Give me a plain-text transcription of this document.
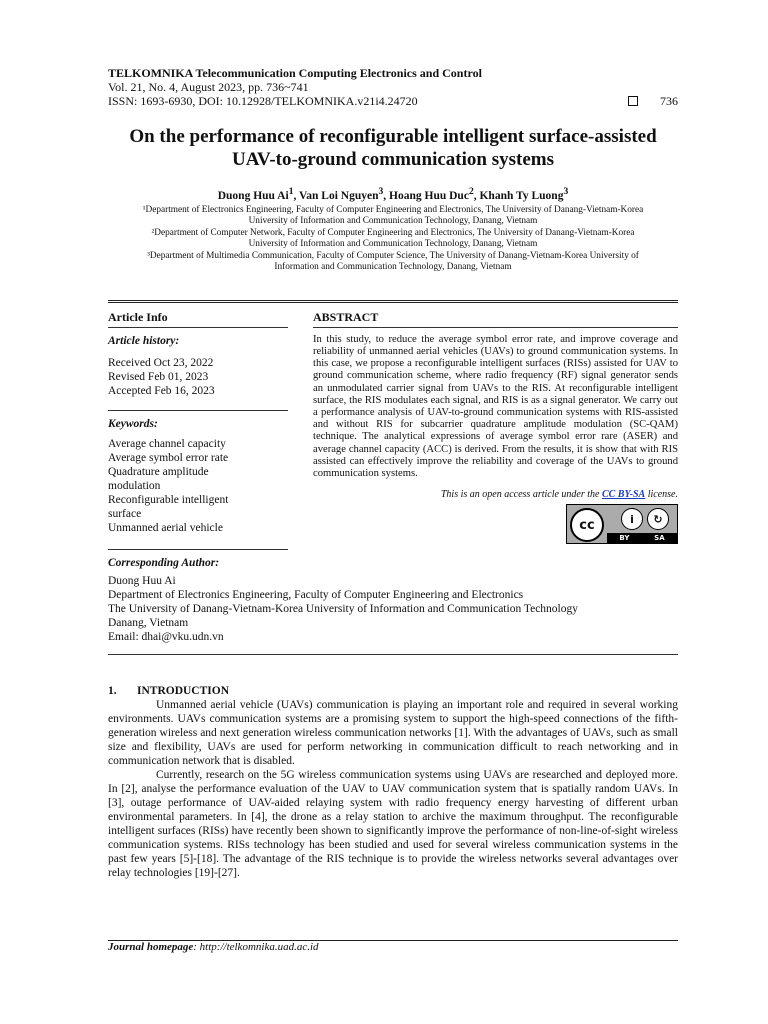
TELKOMNIKA Telecommunication Computing Electronics and Control
Vol. 21, No. 4, August 2023, pp. 736~741
ISSN: 1693-6930, DOI: 10.12928/TELKOMNIKA.v21i4.24720	736
On the performance of reconfigurable intelligent surface-assisted
UAV-to-ground communication systems
Duong Huu Ai$^1$, Van Loi Nguyen$^3$, Hoang Huu Duc$^2$, Khanh Ty Luong$^3$
¹Department of Electronics Engineering, Faculty of Computer Engineering and Electronics, The University of Danang-Vietnam-Korea
University of Information and Communication Technology, Danang, Vietnam
²Department of Computer Network, Faculty of Computer Engineering and Electronics, The University of Danang-Vietnam-Korea
University of Information and Communication Technology, Danang, Vietnam
³Department of Multimedia Communication, Faculty of Computer Science, The University of Danang-Vietnam-Korea University of
Information and Communication Technology, Danang, Vietnam
Article Info
Article history:
Received Oct 23, 2022
Revised Feb 01, 2023
Accepted Feb 16, 2023
Keywords:
Average channel capacity
Average symbol error rate
Quadrature amplitude
modulation
Reconfigurable intelligent
surface
Unmanned aerial vehicle
ABSTRACT
In this study, to reduce the average symbol error rate, and improve coverage and reliability of unmanned aerial vehicles (UAVs) to ground communication systems. In this case, we propose a reconfigurable intelligent surfaces (RISs) assisted for UAV to ground communication scheme, where radio frequency (RF) signal generator sends an unmodulated carrier signal from UAVs to the RIS. At reconfigurable intelligent surface, the RIS modulates each signal, and RIS is as a signal generator. We carry out a performance analysis of UAV-to-ground communication systems with RIS-assisted and without RIS for subcarrier quadrature amplitude modulation (SC-QAM) technique. The analytical expressions of average symbol error rare (ASER) and average channel capacity (ACC) is derived. From the results, it is show that with RIS assisted can effectively improve the reliability and coverage of the UAVs to ground communication systems.
This is an open access article under the CC BY-SA license.
cc	i	↻
BY	SA
Corresponding Author:
Duong Huu Ai
Department of Electronics Engineering, Faculty of Computer Engineering and Electronics
The University of Danang-Vietnam-Korea University of Information and Communication Technology
Danang, Vietnam
Email: dhai@vku.udn.vn
1. INTRODUCTION
Unmanned aerial vehicle (UAVs) communication is playing an important role and required in several working environments. UAVs communication systems are a promising system to support the high-speed connections of the fifth-generation wireless and next generation wireless communication networks [1]. With the advantages of UAVs, such as small size and flexibility, UAVs are used for perform networking in communication difficult to reach networking and in communication network that is disabled.
Currently, research on the 5G wireless communication systems using UAVs are researched and deployed more. In [2], analyse the performance evaluation of the UAV to UAV communication system that is spatially random UAVs. In [3], outage performance of UAV-aided relaying system with radio frequency energy harvesting of different urban environmental parameters. In [4], the drone as a relay station to archive the maximum throughput. The reconfigurable intelligent surfaces (RISs) have recently been shown to significantly improve the performance of non-line-of-sight wireless communication systems. RISs technology has been studied and used for several wireless communication systems in the past few years [5]-[18]. The advantage of the RIS technique is to provide the wireless networks several advantages over relay technologies [19]-[27].
Journal homepage: http://telkomnika.uad.ac.id
